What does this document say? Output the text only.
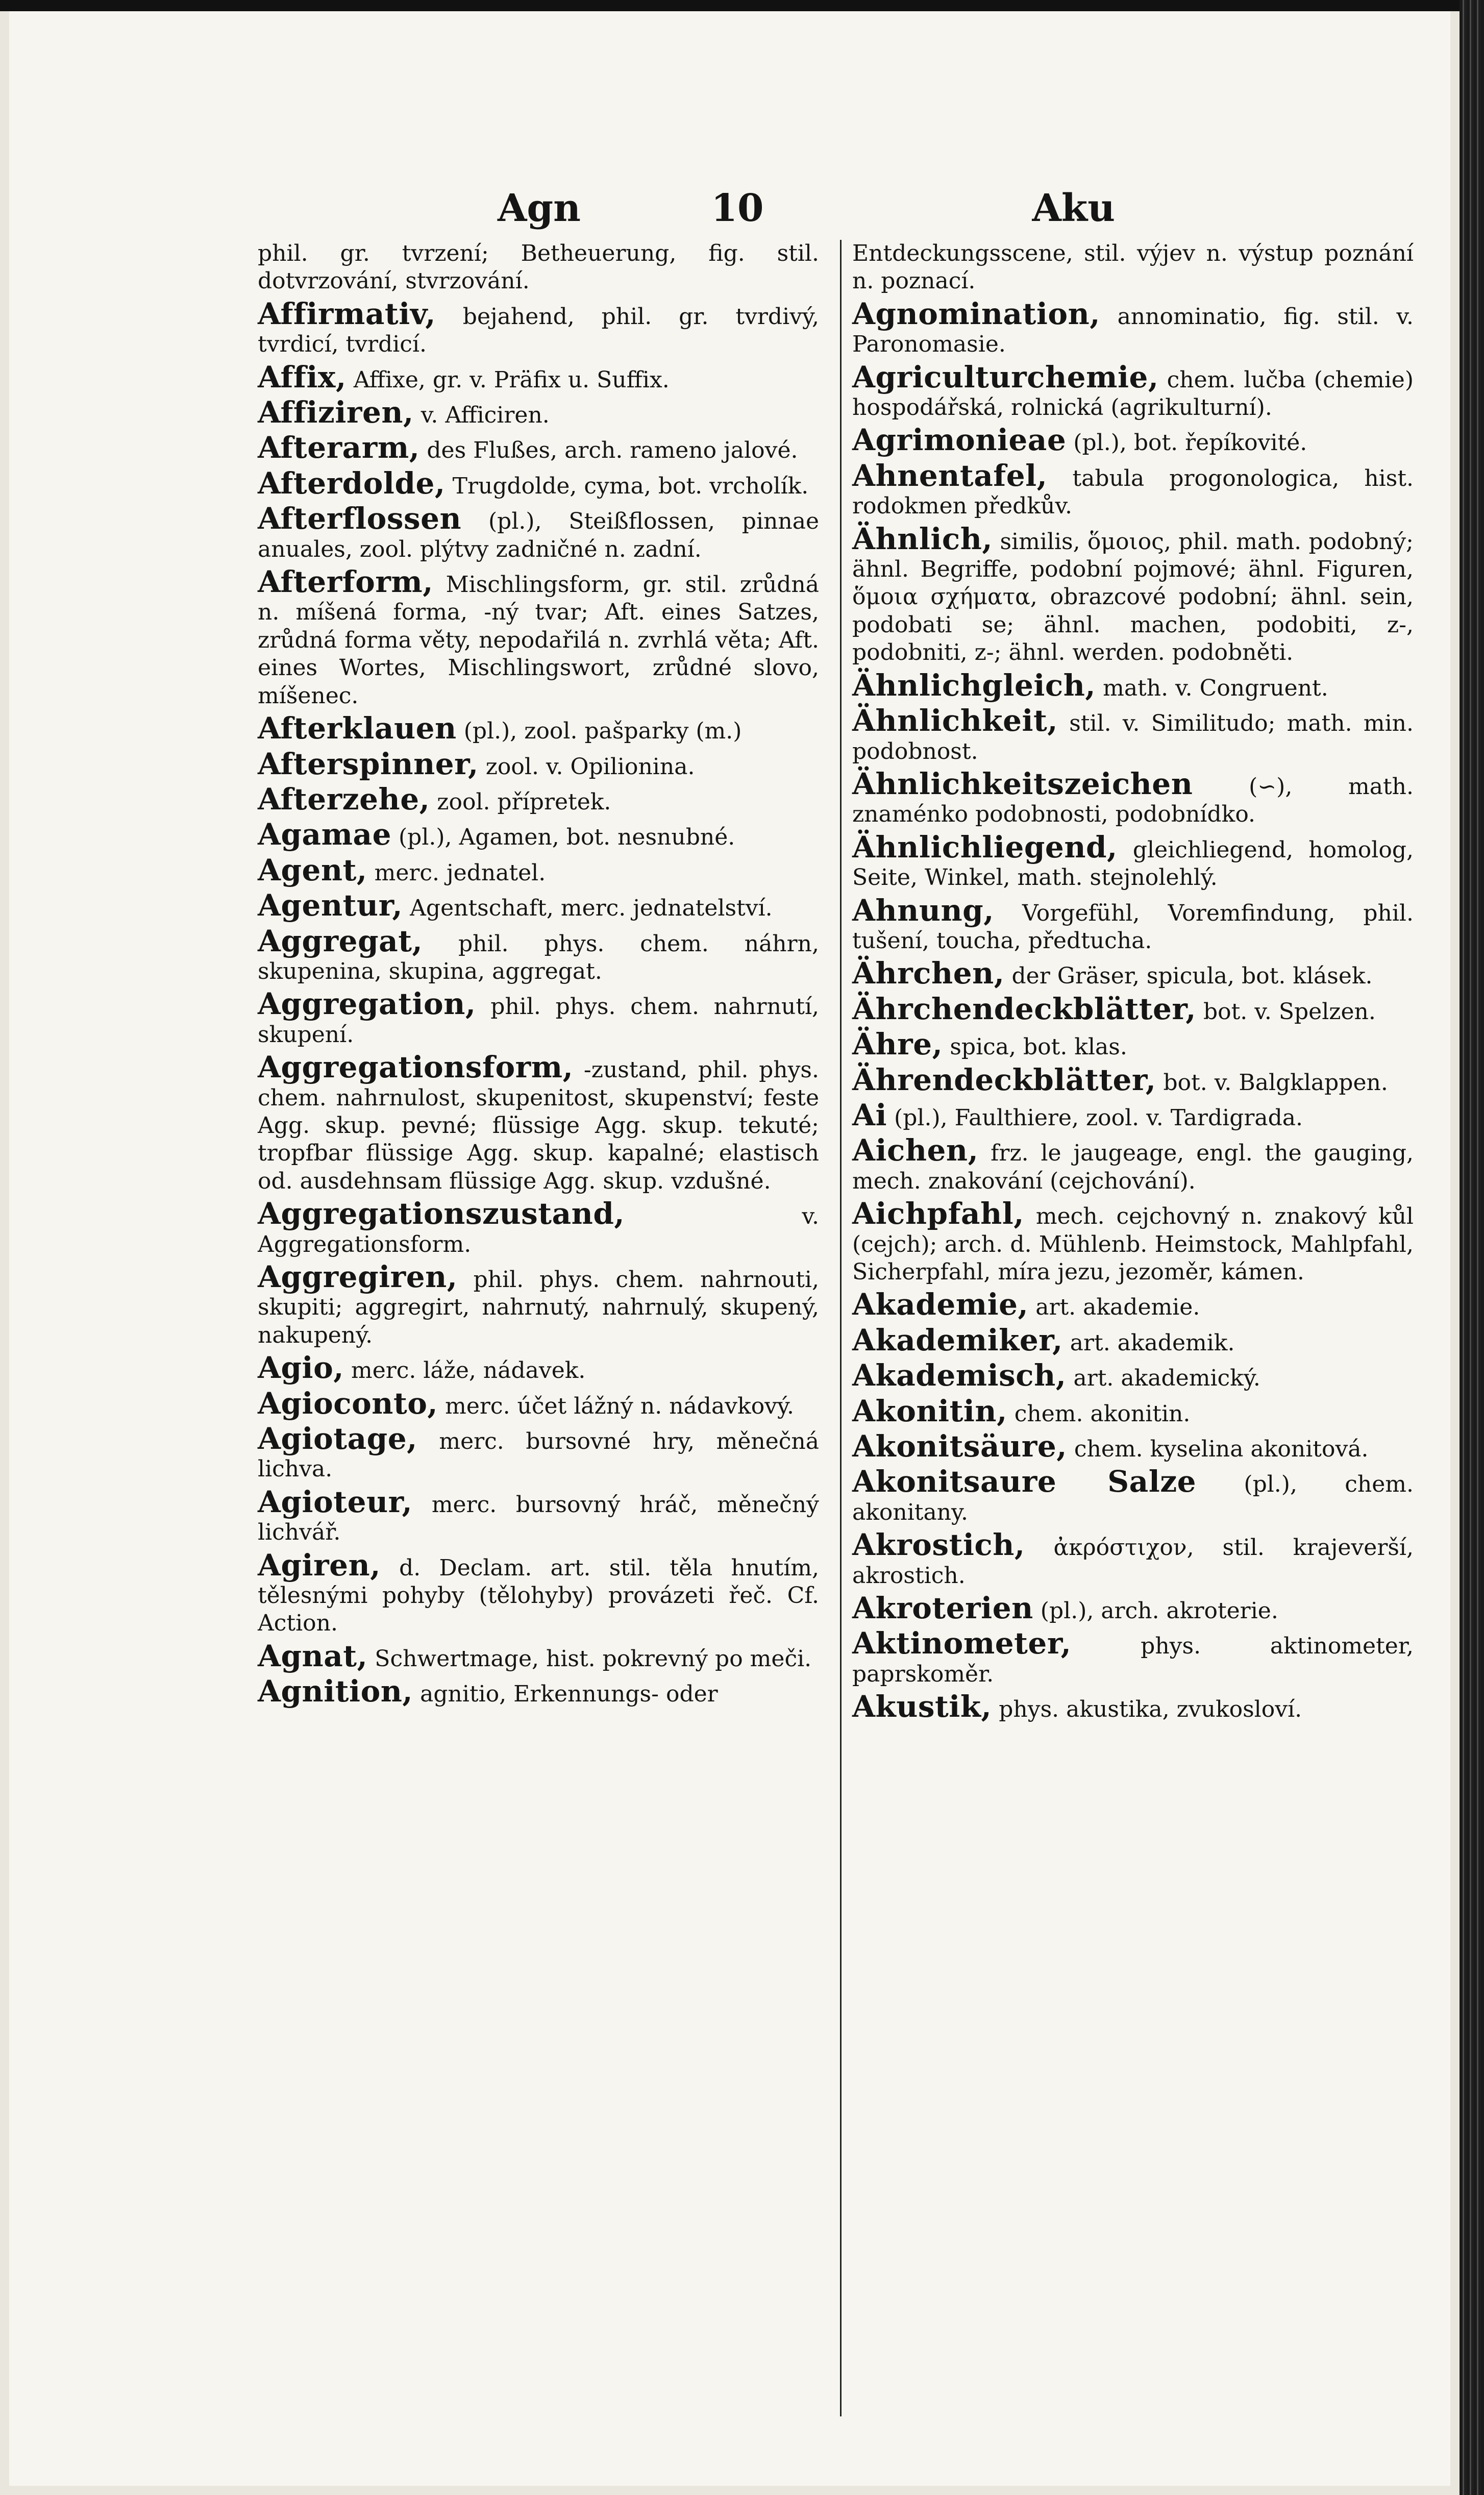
Agn	10	Aku

phil. gr. tvrzení; Betheuerung, fig. stil. dotvrzování, stvrzování.

Affirmativ, bejahend, phil. gr. tvrdivý, tvrdicí, tvrdicí.

Affix, Affixe, gr. v. Präfix u. Suffix.

Affiziren, v. Afficiren.

Afterarm, des Flußes, arch. rameno jalové.

Afterdolde, Trugdolde, cyma, bot. vrcholík.

Afterflossen (pl.), Steißflossen, pinnae anuales, zool. plýtvy zadničné n. zadní.

Afterform, Mischlingsform, gr. stil. zrůdná n. míšená forma, -ný tvar; Aft. eines Satzes, zrůdná forma věty, nepodařilá n. zvrhlá věta; Aft. eines Wortes, Mischlingswort, zrůdné slovo, míšenec.

Afterklauen (pl.), zool. pašparky (m.)

Afterspinner, zool. v. Opilionina.

Afterzehe, zool. přípretek.

Agamae (pl.), Agamen, bot. nesnubné.

Agent, merc. jednatel.

Agentur, Agentschaft, merc. jednatelství.

Aggregat, phil. phys. chem. náhrn, skupenina, skupina, aggregat.

Aggregation, phil. phys. chem. nahrnutí, skupení.

Aggregationsform, -zustand, phil. phys. chem. nahrnulost, skupenitost, skupenství; feste Agg. skup. pevné; flüssige Agg. skup. tekuté; tropfbar flüssige Agg. skup. kapalné; elastisch od. ausdehnsam flüssige Agg. skup. vzdušné.

Aggregationszustand,	v. Aggregationsform.

Aggregiren, phil. phys. chem. nahrnouti, skupiti; aggregirt, nahrnutý, nahrnulý, skupený, nakupený.

Agio, merc. láže, nádavek.

Agioconto, merc. účet lážný n. nádavkový.

Agiotage, merc. bursovné hry, měnečná lichva.

Agioteur, merc. bursovný hráč, měnečný lichvář.

Agiren, d. Declam. art. stil. těla hnutím, tělesnými pohyby (tělohyby) provázeti řeč. Cf. Action.

Agnat, Schwertmage, hist. pokrevný po meči.

Agnition, agnitio, Erkennungs- oder

Entdeckungsscene, stil. výjev n. výstup poznání n. poznací.

Agnomination, annominatio, fig. stil. v. Paronomasie.

Agriculturchemie, chem. lučba (chemie) hospodářská, rolnická (agrikulturní).

Agrimonieae (pl.), bot. řepíkovité.

Ahnentafel, tabula progonologica, hist. rodokmen předkův.

Ähnlich, similis, ὅμοιος, phil. math. podobný; ähnl. Begriffe, podobní pojmové; ähnl. Figuren, ὅμοια σχήματα, obrazcové podobní; ähnl. sein, podobati se; ähnl. machen, podobiti, z-, podobniti, z-; ähnl. werden. podobněti.

Ähnlichgleich, math. v. Congruent.

Ähnlichkeit, stil. v. Similitudo; math. min. podobnost.

Ähnlichkeitszeichen (∽), math. znaménko podobnosti, podobnídko.

Ähnlichliegend, gleichliegend, homolog, Seite, Winkel, math. stejnolehlý.

Ahnung, Vorgefühl, Voremfindung, phil. tušení, toucha, předtucha.

Ährchen, der Gräser, spicula, bot. klásek.

Ährchendeckblätter, bot. v. Spelzen.

Ähre, spica, bot. klas.

Ährendeckblätter, bot. v. Balgklappen.

Ai (pl.), Faulthiere, zool. v. Tardigrada.

Aichen, frz. le jaugeage, engl. the gauging, mech. znakování (cejchování).

Aichpfahl, mech. cejchovný n. znakový kůl (cejch); arch. d. Mühlenb. Heimstock, Mahlpfahl, Sicherpfahl, míra jezu, jezoměr, kámen.

Akademie, art. akademie.

Akademiker, art. akademik.

Akademisch, art. akademický.

Akonitin, chem. akonitin.

Akonitsäure, chem. kyselina akonitová.

Akonitsaure Salze (pl.), chem. akonitany.

Akrostich, ἀκρόστιχον, stil. krajeverší, akrostich.

Akroterien (pl.), arch. akroterie.

Aktinometer,	phys. aktinometer, paprskoměr.

Akustik, phys. akustika, zvukosloví.
